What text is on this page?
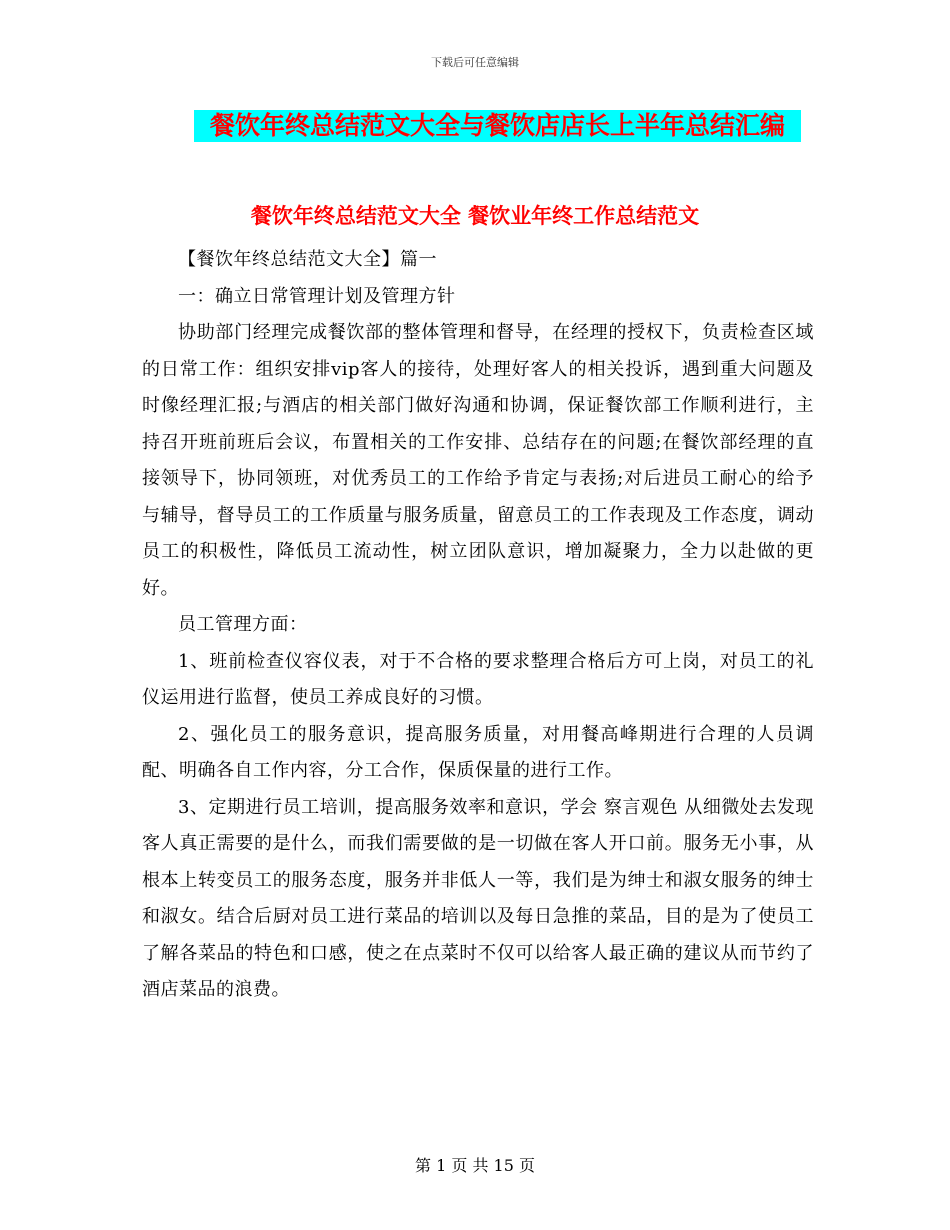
下载后可任意编辑
餐饮年终总结范文大全与餐饮店店长上半年总结汇编
餐饮年终总结范文大全 餐饮业年终工作总结范文

【餐饮年终总结范文大全】篇一

一：确立日常管理计划及管理方针

协助部门经理完成餐饮部的整体管理和督导，在经理的授权下，负责检查区域的日常工作：组织安排vip客人的接待，处理好客人的相关投诉，遇到重大问题及时像经理汇报;与酒店的相关部门做好沟通和协调，保证餐饮部工作顺利进行，主持召开班前班后会议，布置相关的工作安排、总结存在的问题;在餐饮部经理的直接领导下，协同领班，对优秀员工的工作给予肯定与表扬;对后进员工耐心的给予与辅导，督导员工的工作质量与服务质量，留意员工的工作表现及工作态度，调动员工的积极性，降低员工流动性，树立团队意识，增加凝聚力，全力以赴做的更好。

员工管理方面：

1、班前检查仪容仪表，对于不合格的要求整理合格后方可上岗，对员工的礼仪运用进行监督，使员工养成良好的习惯。

2、强化员工的服务意识，提高服务质量，对用餐高峰期进行合理的人员调配、明确各自工作内容，分工合作，保质保量的进行工作。

3、定期进行员工培训，提高服务效率和意识，学会 察言观色 从细微处去发现客人真正需要的是什么，而我们需要做的是一切做在客人开口前。服务无小事，从根本上转变员工的服务态度，服务并非低人一等，我们是为绅士和淑女服务的绅士和淑女。结合后厨对员工进行菜品的培训以及每日急推的菜品，目的是为了使员工了解各菜品的特色和口感，使之在点菜时不仅可以给客人最正确的建议从而节约了酒店菜品的浪费。

第 1 页 共 15 页
